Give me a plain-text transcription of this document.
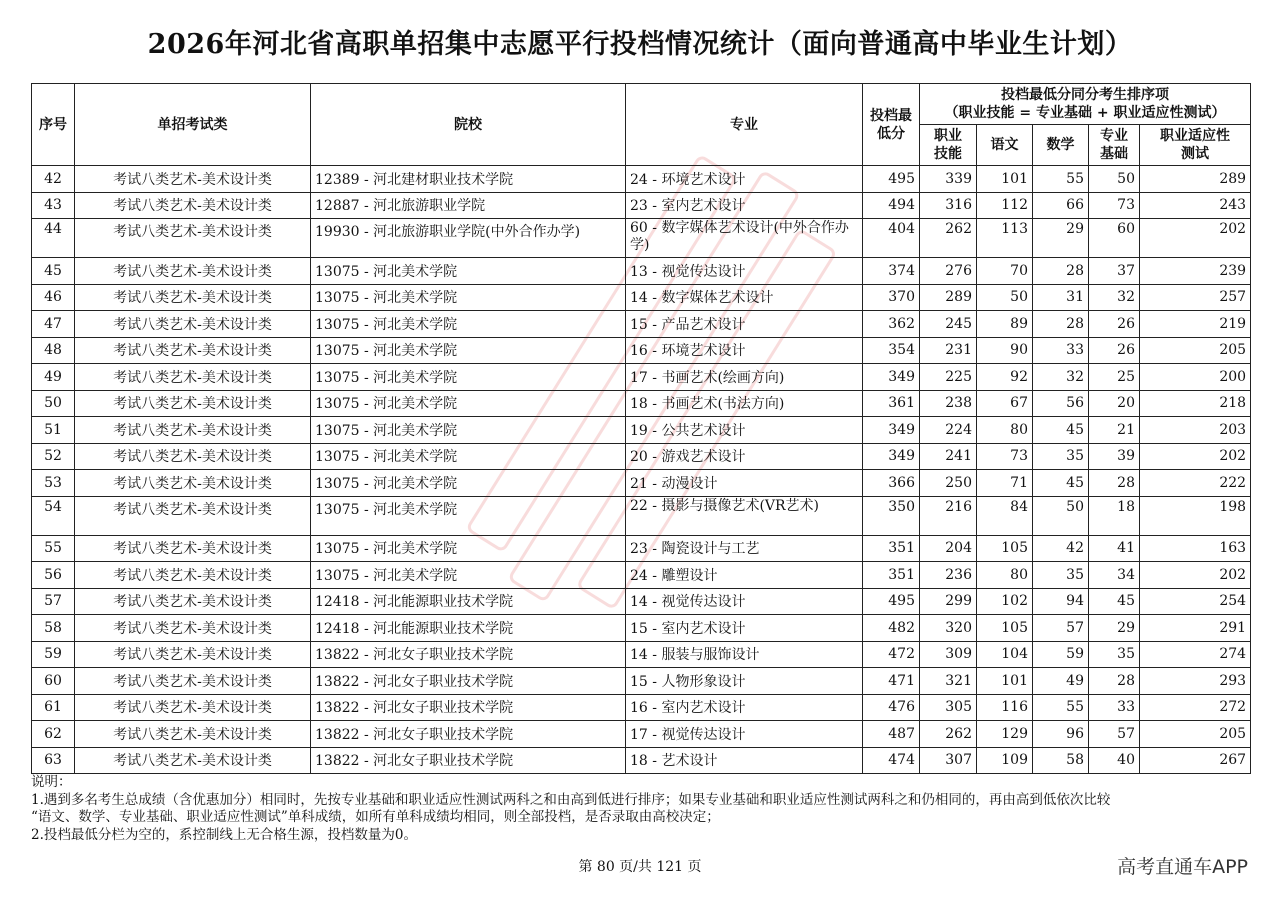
2026年河北省高职单招集中志愿平行投档情况统计（面向普通高中毕业生计划）
序号	单招考试类	院校	专业	投档最低分	投档最低分同分考生排序项
（职业技能 = 专业基础 + 职业适应性测试）				

					职业技能	语文	数学	专业基础	职业适应性测试
42	考试八类艺术-美术设计类	12389 - 河北建材职业技术学院	24 - 环境艺术设计	495	339	101	55	50	289
43	考试八类艺术-美术设计类	12887 - 河北旅游职业学院	23 - 室内艺术设计	494	316	112	66	73	243
44	考试八类艺术-美术设计类	19930 - 河北旅游职业学院(中外合作办学)	60 - 数字媒体艺术设计(中外合作办学)	404	262	113	29	60	202
45	考试八类艺术-美术设计类	13075 - 河北美术学院	13 - 视觉传达设计	374	276	70	28	37	239
46	考试八类艺术-美术设计类	13075 - 河北美术学院	14 - 数字媒体艺术设计	370	289	50	31	32	257
47	考试八类艺术-美术设计类	13075 - 河北美术学院	15 - 产品艺术设计	362	245	89	28	26	219
48	考试八类艺术-美术设计类	13075 - 河北美术学院	16 - 环境艺术设计	354	231	90	33	26	205
49	考试八类艺术-美术设计类	13075 - 河北美术学院	17 - 书画艺术(绘画方向)	349	225	92	32	25	200
50	考试八类艺术-美术设计类	13075 - 河北美术学院	18 - 书画艺术(书法方向)	361	238	67	56	20	218
51	考试八类艺术-美术设计类	13075 - 河北美术学院	19 - 公共艺术设计	349	224	80	45	21	203
52	考试八类艺术-美术设计类	13075 - 河北美术学院	20 - 游戏艺术设计	349	241	73	35	39	202
53	考试八类艺术-美术设计类	13075 - 河北美术学院	21 - 动漫设计	366	250	71	45	28	222
54	考试八类艺术-美术设计类	13075 - 河北美术学院	22 - 摄影与摄像艺术(VR艺术)	350	216	84	50	18	198
55	考试八类艺术-美术设计类	13075 - 河北美术学院	23 - 陶瓷设计与工艺	351	204	105	42	41	163
56	考试八类艺术-美术设计类	13075 - 河北美术学院	24 - 雕塑设计	351	236	80	35	34	202
57	考试八类艺术-美术设计类	12418 - 河北能源职业技术学院	14 - 视觉传达设计	495	299	102	94	45	254
58	考试八类艺术-美术设计类	12418 - 河北能源职业技术学院	15 - 室内艺术设计	482	320	105	57	29	291
59	考试八类艺术-美术设计类	13822 - 河北女子职业技术学院	14 - 服装与服饰设计	472	309	104	59	35	274
60	考试八类艺术-美术设计类	13822 - 河北女子职业技术学院	15 - 人物形象设计	471	321	101	49	28	293
61	考试八类艺术-美术设计类	13822 - 河北女子职业技术学院	16 - 室内艺术设计	476	305	116	55	33	272
62	考试八类艺术-美术设计类	13822 - 河北女子职业技术学院	17 - 视觉传达设计	487	262	129	96	57	205
63	考试八类艺术-美术设计类	13822 - 河北女子职业技术学院	18 - 艺术设计	474	307	109	58	40	267
说明：
1.遇到多名考生总成绩（含优惠加分）相同时，先按专业基础和职业适应性测试两科之和由高到低进行排序；如果专业基础和职业适应性测试两科之和仍相同的，再由高到低依次比较
“语文、数学、专业基础、职业适应性测试”单科成绩，如所有单科成绩均相同，则全部投档，是否录取由高校决定；
2.投档最低分栏为空的，系控制线上无合格生源，投档数量为0。
第 80 页/共 121 页	高考直通车APP
